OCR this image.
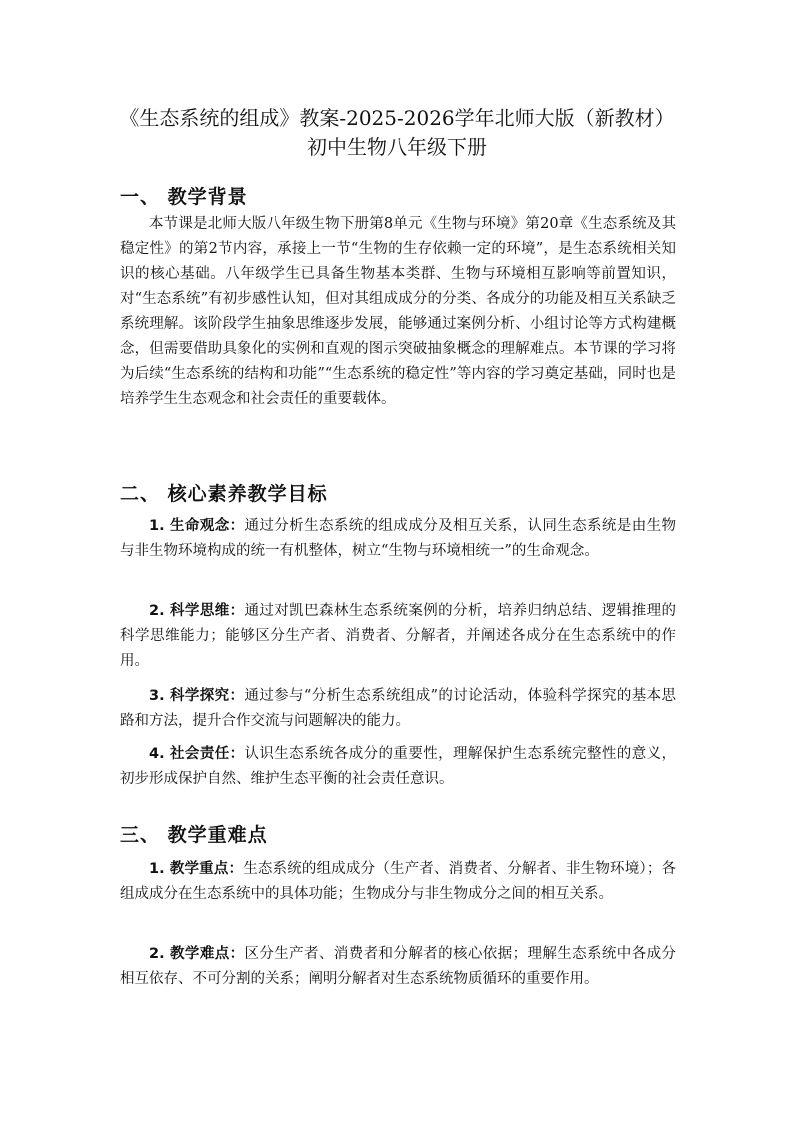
《生态系统的组成》教案-2025-2026学年北师大版（新教材）初中生物八年级下册
一、 教学背景
本节课是北师大版八年级生物下册第8单元《生物与环境》第20章《生态系统及其稳定性》的第2节内容，承接上一节“生物的生存依赖一定的环境”，是生态系统相关知识的核心基础。八年级学生已具备生物基本类群、生物与环境相互影响等前置知识，对“生态系统”有初步感性认知，但对其组成成分的分类、各成分的功能及相互关系缺乏系统理解。该阶段学生抽象思维逐步发展，能够通过案例分析、小组讨论等方式构建概念，但需要借助具象化的实例和直观的图示突破抽象概念的理解难点。本节课的学习将为后续“生态系统的结构和功能”“生态系统的稳定性”等内容的学习奠定基础，同时也是培养学生生态观念和社会责任的重要载体。
二、 核心素养教学目标
1. 生命观念：通过分析生态系统的组成成分及相互关系，认同生态系统是由生物与非生物环境构成的统一有机整体，树立“生物与环境相统一”的生命观念。
2. 科学思维：通过对凯巴森林生态系统案例的分析，培养归纳总结、逻辑推理的科学思维能力；能够区分生产者、消费者、分解者，并阐述各成分在生态系统中的作用。
3. 科学探究：通过参与“分析生态系统组成”的讨论活动，体验科学探究的基本思路和方法，提升合作交流与问题解决的能力。
4. 社会责任：认识生态系统各成分的重要性，理解保护生态系统完整性的意义，初步形成保护自然、维护生态平衡的社会责任意识。
三、 教学重难点
1. 教学重点：生态系统的组成成分（生产者、消费者、分解者、非生物环境）；各组成成分在生态系统中的具体功能；生物成分与非生物成分之间的相互关系。
2. 教学难点：区分生产者、消费者和分解者的核心依据；理解生态系统中各成分相互依存、不可分割的关系；阐明分解者对生态系统物质循环的重要作用。
